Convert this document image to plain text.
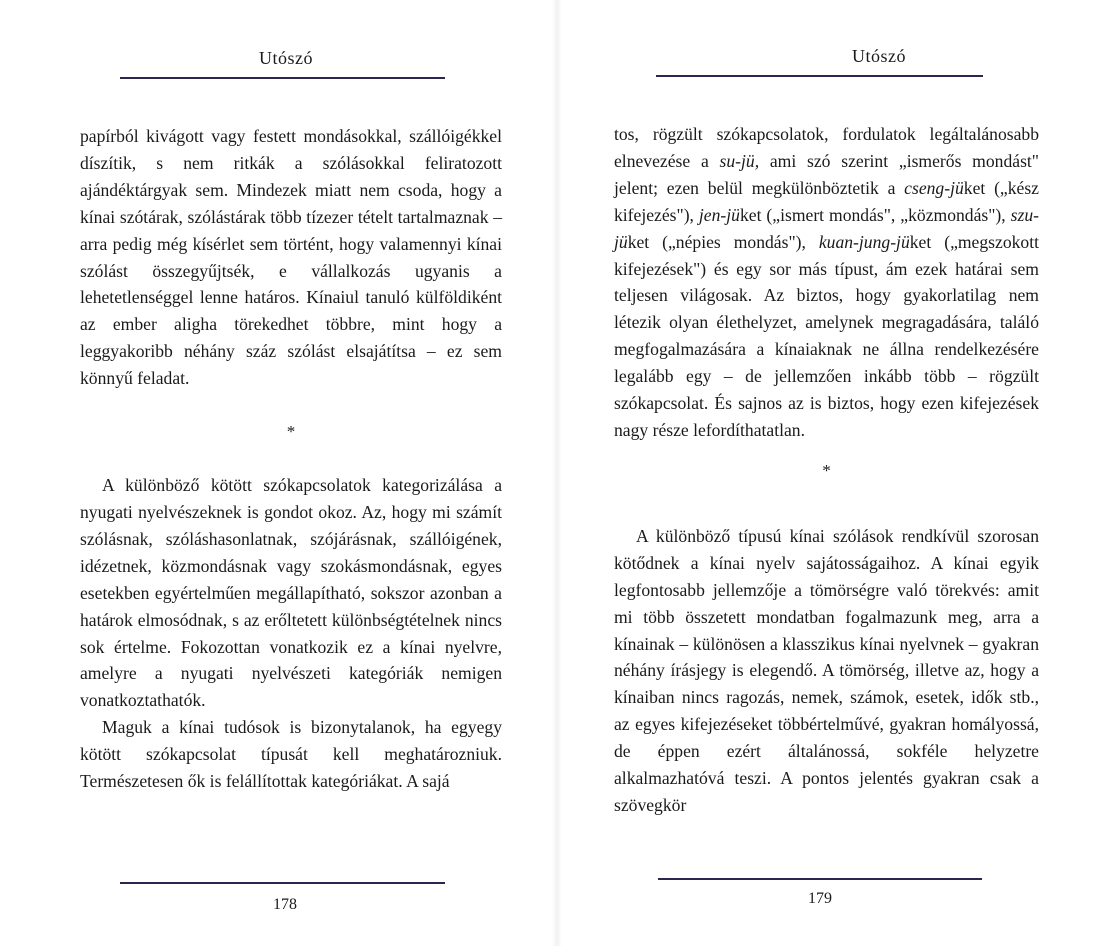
Utószó

papírból kivágott vagy festett mondásokkal, szállóigékkel díszítik, s nem ritkák a szólásokkal feliratozott ajándéktárgyak sem. Mindezek miatt nem csoda, hogy a kínai szótárak, szólástárak több tízezer tételt tartalmaznak – arra pedig még kísérlet sem történt, hogy valamennyi kínai szólást összegyűjtsék, e vállalkozás ugyanis a lehetetlenséggel lenne határos. Kínaiul tanuló külföldiként az ember aligha törekedhet többre, mint hogy a leggyakoribb néhány száz szólást elsajátítsa – ez sem könnyű feladat.

*

A különböző kötött szókapcsolatok kategorizálása a nyugati nyelvészeknek is gondot okoz. Az, hogy mi számít szólásnak, szóláshasonlatnak, szójárásnak, szállóigének, idézetnek, közmondásnak vagy szokásmondásnak, egyes esetekben egyértelműen megállapítható, sokszor azonban a határok elmosódnak, s az erőltetett különbségtételnek nincs sok értelme. Fokozottan vonatkozik ez a kínai nyelvre, amelyre a nyugati nyelvészeti kategóriák nemigen vonatkoztathatók.

Maguk a kínai tudósok is bizonytalanok, ha egyegy kötött szókapcsolat típusát kell meghatározniuk. Természetesen ők is felállítottak kategóriákat. A sajá

178
Utószó

tos, rögzült szókapcsolatok, fordulatok legáltalánosabb elnevezése a su-jü, ami szó szerint „ismerős mondást" jelent; ezen belül megkülönböztetik a cseng-jüket („kész kifejezés"), jen-jüket („ismert mondás", „közmondás"), szu-jüket („népies mondás"), kuan-jung-jüket („megszokott kifejezések") és egy sor más típust, ám ezek határai sem teljesen világosak. Az biztos, hogy gyakorlatilag nem létezik olyan élethelyzet, amelynek megragadására, találó megfogalmazására a kínaiaknak ne állna rendelkezésére legalább egy – de jellemzően inkább több – rögzült szókapcsolat. És sajnos az is biztos, hogy ezen kifejezések nagy része lefordíthatatlan.

*

A különböző típusú kínai szólások rendkívül szorosan kötődnek a kínai nyelv sajátosságaihoz. A kínai egyik legfontosabb jellemzője a tömörségre való törekvés: amit mi több összetett mondatban fogalmazunk meg, arra a kínainak – különösen a klasszikus kínai nyelvnek – gyakran néhány írásjegy is elegendő. A tömörség, illetve az, hogy a kínaiban nincs ragozás, nemek, számok, esetek, idők stb., az egyes kifejezéseket többértelművé, gyakran homályossá, de éppen ezért általánossá, sokféle helyzetre alkalmazhatóvá teszi. A pontos jelentés gyakran csak a szövegkör

179
